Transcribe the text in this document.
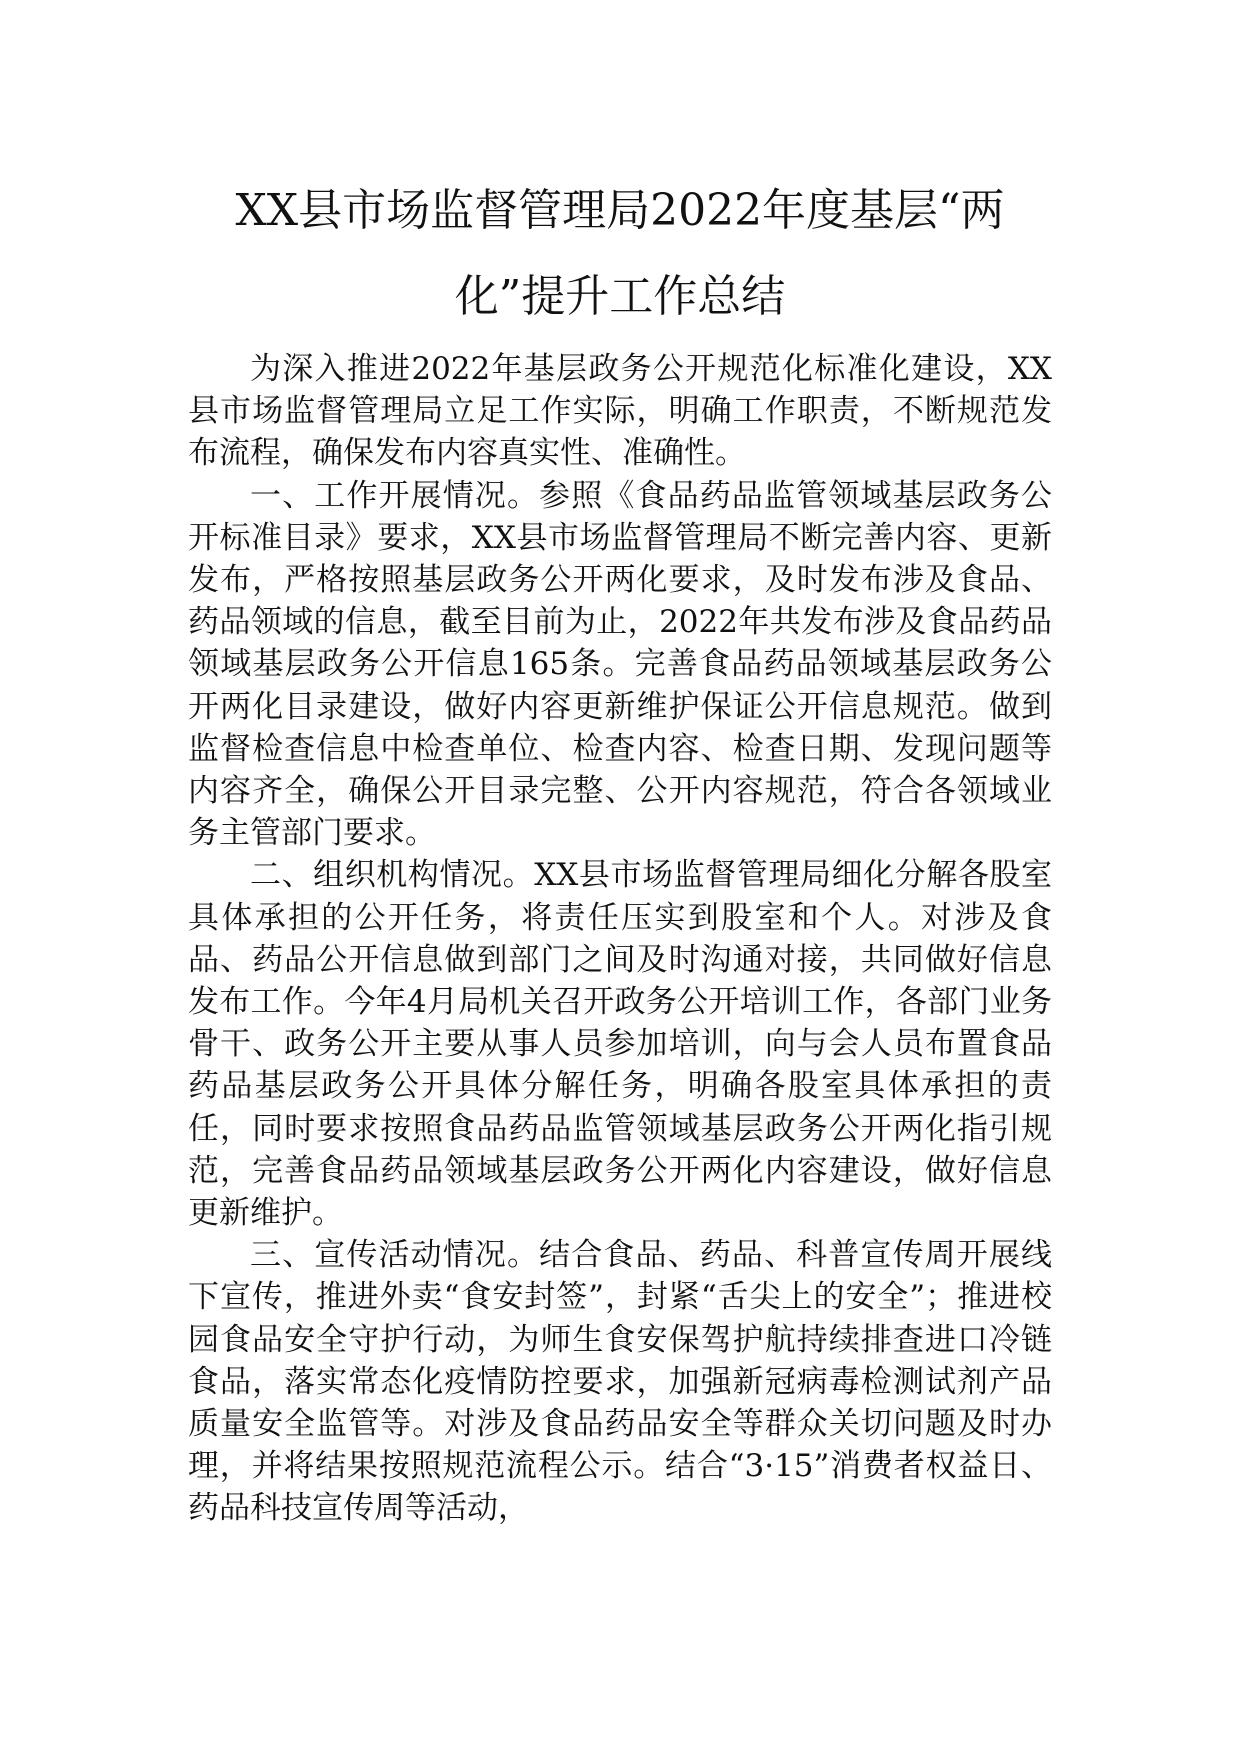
XX县市场监督管理局2022年度基层“两化”提升工作总结

为深入推进2022年基层政务公开规范化标准化建设，XX县市场监督管理局立足工作实际，明确工作职责，不断规范发布流程，确保发布内容真实性、准确性。

一、工作开展情况。参照《食品药品监管领域基层政务公开标准目录》要求，XX县市场监督管理局不断完善内容、更新发布，严格按照基层政务公开两化要求，及时发布涉及食品、药品领域的信息，截至目前为止，2022年共发布涉及食品药品领域基层政务公开信息165条。完善食品药品领域基层政务公开两化目录建设，做好内容更新维护保证公开信息规范。做到监督检查信息中检查单位、检查内容、检查日期、发现问题等内容齐全，确保公开目录完整、公开内容规范，符合各领域业务主管部门要求。

二、组织机构情况。XX县市场监督管理局细化分解各股室具体承担的公开任务，将责任压实到股室和个人。对涉及食品、药品公开信息做到部门之间及时沟通对接，共同做好信息发布工作。今年4月局机关召开政务公开培训工作，各部门业务骨干、政务公开主要从事人员参加培训，向与会人员布置食品药品基层政务公开具体分解任务，明确各股室具体承担的责任，同时要求按照食品药品监管领域基层政务公开两化指引规范，完善食品药品领域基层政务公开两化内容建设，做好信息更新维护。

三、宣传活动情况。结合食品、药品、科普宣传周开展线下宣传，推进外卖“食安封签”，封紧“舌尖上的安全”；推进校园食品安全守护行动，为师生食安保驾护航持续排查进口冷链食品，落实常态化疫情防控要求，加强新冠病毒检测试剂产品质量安全监管等。对涉及食品药品安全等群众关切问题及时办理，并将结果按照规范流程公示。结合“3·15”消费者权益日、药品科技宣传周等活动，
